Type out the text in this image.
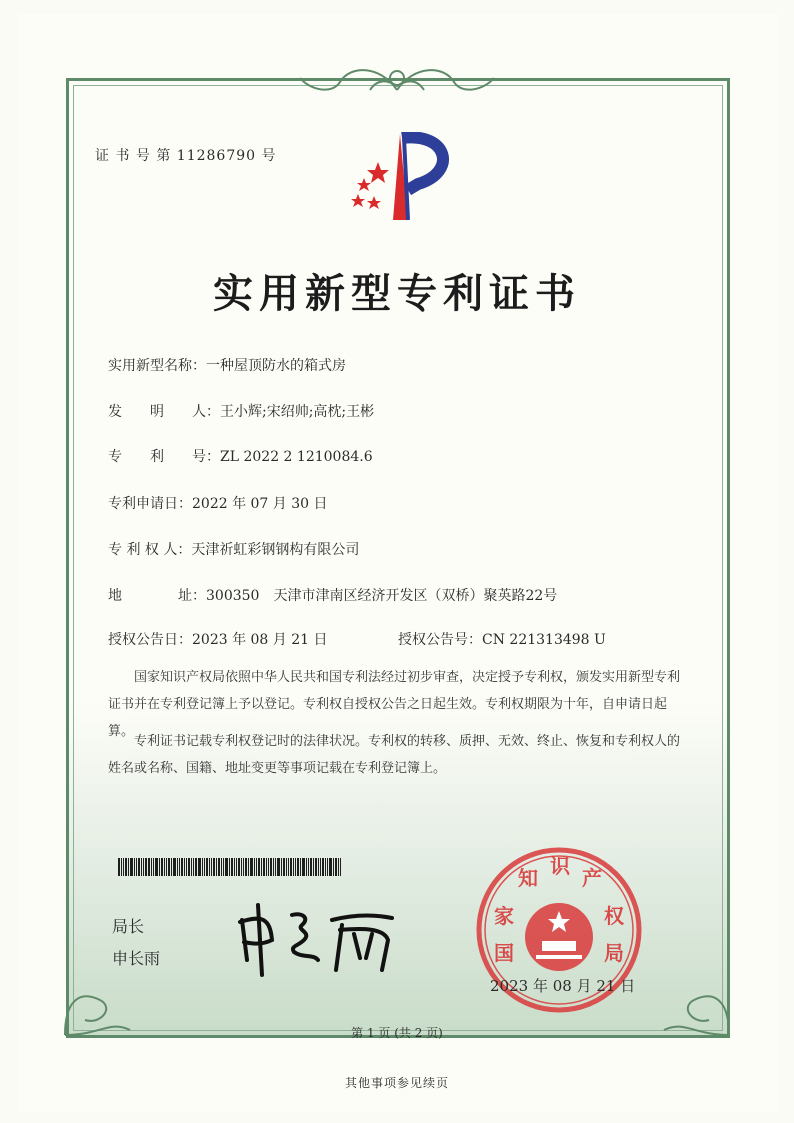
证 书 号 第 11286790 号
实用新型专利证书
实用新型名称：一种屋顶防水的箱式房
发　　明　　人：王小辉;宋绍帅;高枕;王彬
专　　利　　号：ZL 2022 2 1210084.6
专利申请日：2022 年 07 月 30 日
专 利 权 人：天津祈虹彩钢钢构有限公司
地　　　　址：300350　天津市津南区经济开发区（双桥）聚英路22号
授权公告日：2023 年 08 月 21 日	授权公告号：CN 221313498 U
国家知识产权局依照中华人民共和国专利法经过初步审查，决定授予专利权，颁发实用新型专利证书并在专利登记簿上予以登记。专利权自授权公告之日起生效。专利权期限为十年，自申请日起算。
专利证书记载专利权登记时的法律状况。专利权的转移、质押、无效、终止、恢复和专利权人的姓名或名称、国籍、地址变更等事项记载在专利登记簿上。
局长
申长雨	国
家
知 识 产
权
局
2023 年 08 月 21 日
第 1 页 (共 2 页)
其他事项参见续页
